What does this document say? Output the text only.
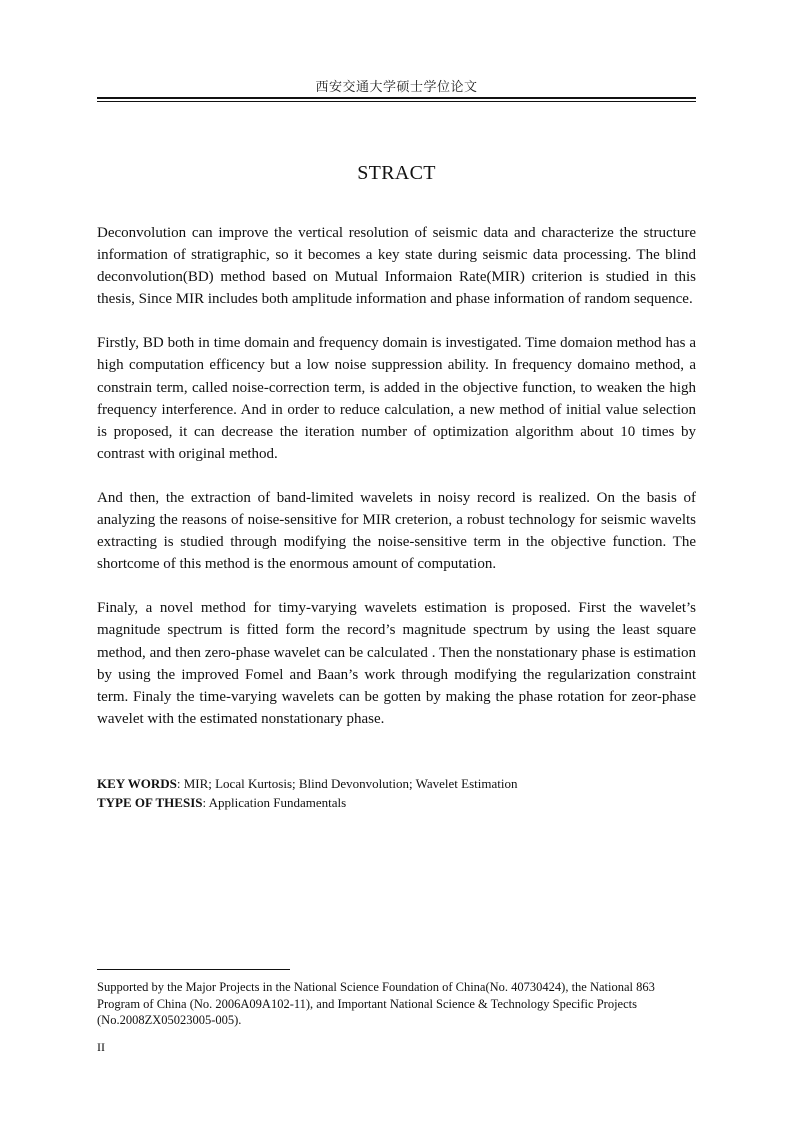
西安交通大学硕士学位论文
STRACT

Deconvolution can improve the vertical resolution of seismic data and characterize the structure information of stratigraphic, so it becomes a key state during seismic data processing. The blind deconvolution(BD) method based on Mutual Informaion Rate(MIR) criterion is studied in this thesis, Since MIR includes both amplitude information and phase information of random sequence.

Firstly, BD both in time domain and frequency domain is investigated. Time domaion method has a high computation efficency but a low noise suppression ability. In frequency domaino method, a constrain term, called noise-correction term, is added in the objective function, to weaken the high frequency interference. And in order to reduce calculation, a new method of initial value selection is proposed, it can decrease the iteration number of optimization algorithm about 10 times by contrast with original method.

And then, the extraction of band-limited wavelets in noisy record is realized. On the basis of analyzing the reasons of noise-sensitive for MIR creterion, a robust technology for seismic wavelts extracting is studied through modifying the noise-sensitive term in the objective function. The shortcome of this method is the enormous amount of computation.

Finaly, a novel method for timy-varying wavelets estimation is proposed. First the wavelet’s magnitude spectrum is fitted form the record’s magnitude spectrum by using the least square method, and then zero-phase wavelet can be calculated . Then the nonstationary phase is estimation by using the improved Fomel and Baan’s work through modifying the regularization constraint term. Finaly the time-varying wavelets can be gotten by making the phase rotation for zeor-phase wavelet with the estimated nonstationary phase.

KEY WORDS: MIR; Local Kurtosis; Blind Devonvolution; Wavelet Estimation
TYPE OF THESIS: Application Fundamentals
Supported by the Major Projects in the National Science Foundation of China(No. 40730424), the National 863 Program of China (No. 2006A09A102-11), and Important National Science & Technology Specific Projects (No.2008ZX05023005-005).
II
